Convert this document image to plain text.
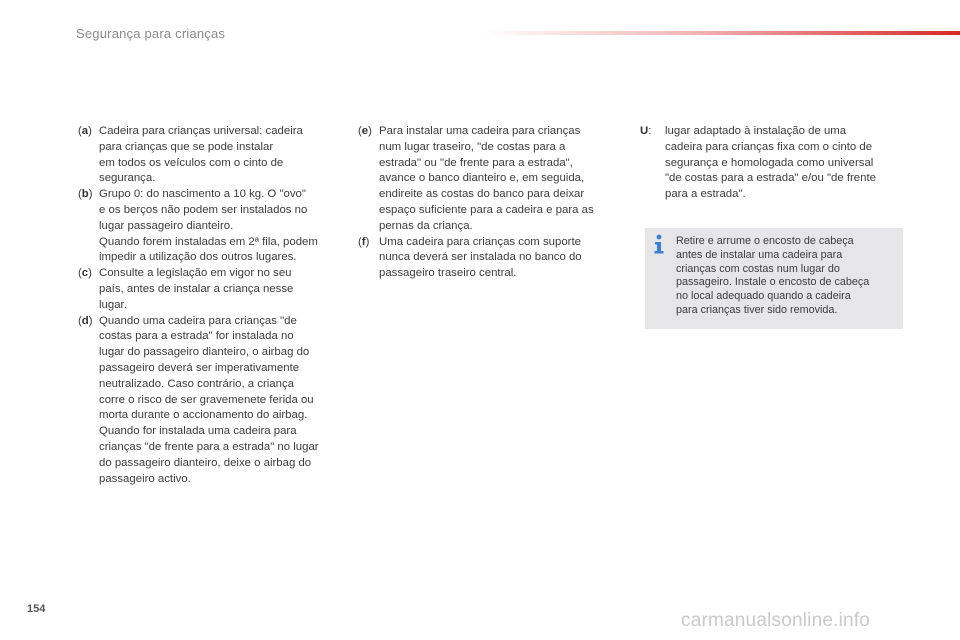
Segurança para crianças
(a) Cadeira para crianças universal: cadeira
para crianças que se pode instalar
em todos os veículos com o cinto de
segurança.
(b) Grupo 0: do nascimento a 10 kg. O "ovo"
e os berços não podem ser instalados no
lugar passageiro dianteiro.
Quando forem instaladas em 2ª fila, podem
impedir a utilização dos outros lugares.
(c) Consulte a legislação em vigor no seu
país, antes de instalar a criança nesse
lugar.
(d) Quando uma cadeira para crianças "de
costas para a estrada" for instalada no
lugar do passageiro dianteiro, o airbag do
passageiro deverá ser imperativamente
neutralizado. Caso contrário, a criança
corre o risco de ser gravemenete ferida ou
morta durante o accionamento do airbag.
Quando for instalada uma cadeira para
crianças "de frente para a estrada" no lugar
do passageiro dianteiro, deixe o airbag do
passageiro activo.
(e) Para instalar uma cadeira para crianças
num lugar traseiro, "de costas para a
estrada" ou "de frente para a estrada",
avance o banco dianteiro e, em seguida,
endireite as costas do banco para deixar
espaço suficiente para a cadeira e para as
pernas da criança.
(f) Uma cadeira para crianças com suporte
nunca deverá ser instalada no banco do
passageiro traseiro central.
U: lugar adaptado à instalação de uma
cadeira para crianças fixa com o cinto de
segurança e homologada como universal
"de costas para a estrada" e/ou "de frente
para a estrada".
Retire e arrume o encosto de cabeça
antes de instalar uma cadeira para
crianças com costas num lugar do
passageiro. Instale o encosto de cabeça
no local adequado quando a cadeira
para crianças tiver sido removida.
154
carmanualsonline.info
